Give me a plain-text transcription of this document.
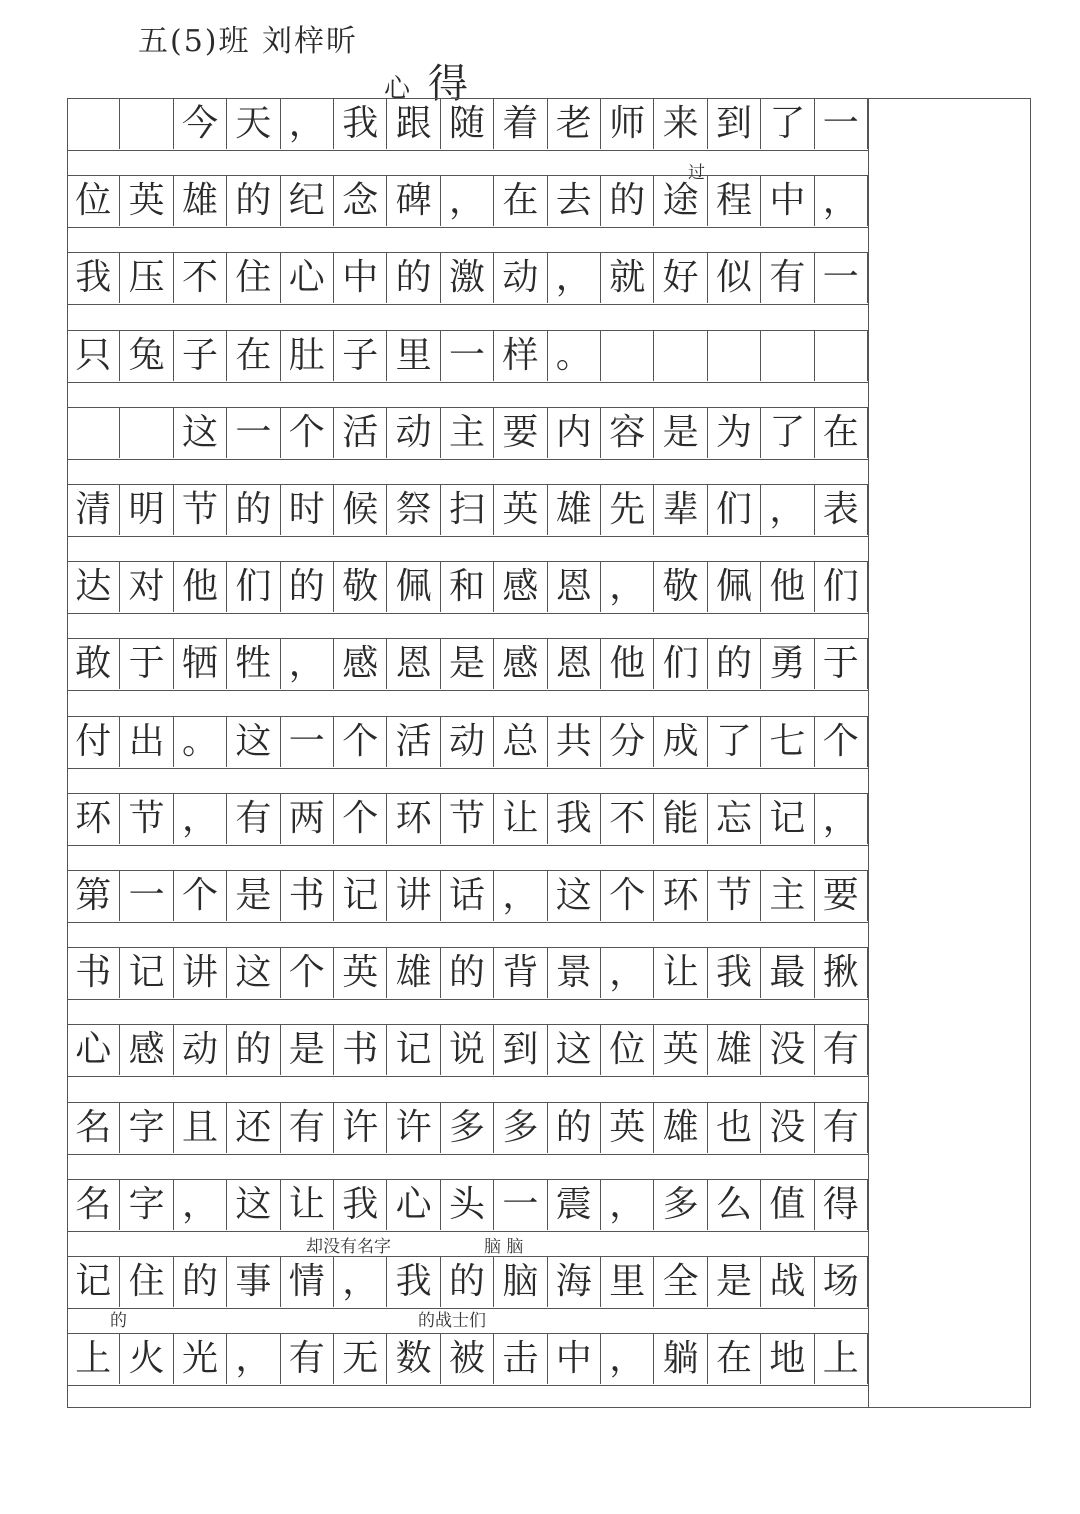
五(5)班 刘梓昕
心 得
今 天 ， 我 跟 随 着 老 师 来 到 了 一
位 英 雄 的 纪 念 碑 ， 在 去 的 途 程 中 ，
我 压 不 住 心 中 的 激 动 ， 就 好 似 有 一
只 兔 子 在 肚 子 里 一 样 。
这 一 个 活 动 主 要 内 容 是 为 了 在
清 明 节 的 时 候 祭 扫 英 雄 先 辈 们 ， 表
达 对 他 们 的 敬 佩 和 感 恩 ， 敬 佩 他 们
敢 于 牺 牲 ， 感 恩 是 感 恩 他 们 的 勇 于
付 出 。 这 一 个 活 动 总 共 分 成 了 七 个
环 节 ， 有 两 个 环 节 让 我 不 能 忘 记 ，
第 一 个 是 书 记 讲 话 ， 这 个 环 节 主 要
书 记 讲 这 个 英 雄 的 背 景 ， 让 我 最 揪
心 感 动 的 是 书 记 说 到 这 位 英 雄 没 有
名 字 且 还 有 许 许 多 多 的 英 雄 也 没 有
名 字 ， 这 让 我 心 头 一 震 ， 多 么 值 得
记 住 的 事 情 ， 我 的 脑 海 里 全 是 战 场
上 火 光 ， 有 无 数 被 击 中 ， 躺 在 地 上
过
却没有名字	脑 脑
的	的战士们
